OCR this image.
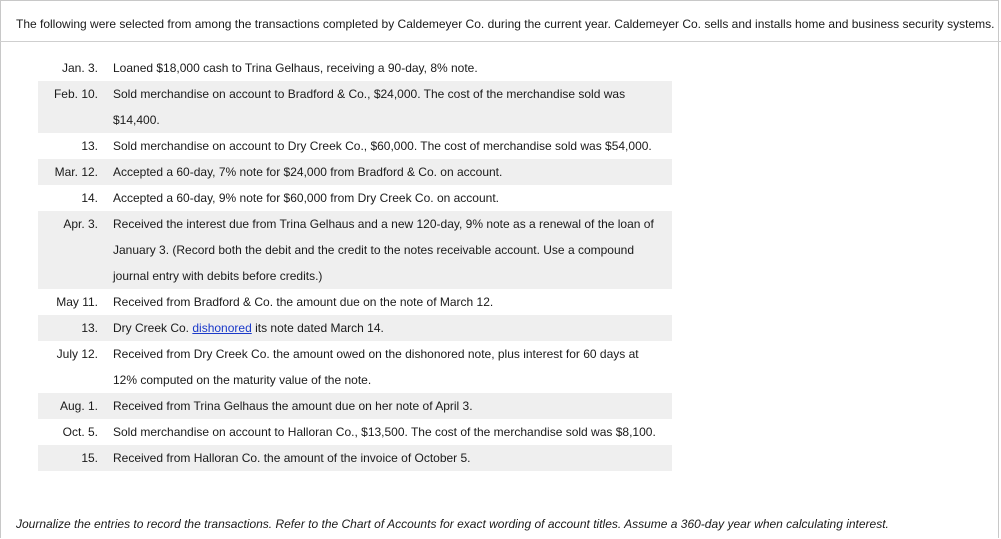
The following were selected from among the transactions completed by Caldemeyer Co. during the current year. Caldemeyer Co. sells and installs home and business security systems.
Jan. 3.	Loaned $18,000 cash to Trina Gelhaus, receiving a 90-day, 8% note.
Feb. 10.	Sold merchandise on account to Bradford & Co., $24,000. The cost of the merchandise sold was $14,400.
13.	Sold merchandise on account to Dry Creek Co., $60,000. The cost of merchandise sold was $54,000.
Mar. 12.	Accepted a 60-day, 7% note for $24,000 from Bradford & Co. on account.
14.	Accepted a 60-day, 9% note for $60,000 from Dry Creek Co. on account.
Apr. 3.	Received the interest due from Trina Gelhaus and a new 120-day, 9% note as a renewal of the loan of January 3. (Record both the debit and the credit to the notes receivable account. Use a compound journal entry with debits before credits.)
May 11.	Received from Bradford & Co. the amount due on the note of March 12.
13.	Dry Creek Co. dishonored its note dated March 14.
July 12.	Received from Dry Creek Co. the amount owed on the dishonored note, plus interest for 60 days at 12% computed on the maturity value of the note.
Aug. 1.	Received from Trina Gelhaus the amount due on her note of April 3.
Oct. 5.	Sold merchandise on account to Halloran Co., $13,500. The cost of the merchandise sold was $8,100.
15.	Received from Halloran Co. the amount of the invoice of October 5.
Journalize the entries to record the transactions. Refer to the Chart of Accounts for exact wording of account titles. Assume a 360-day year when calculating interest.
